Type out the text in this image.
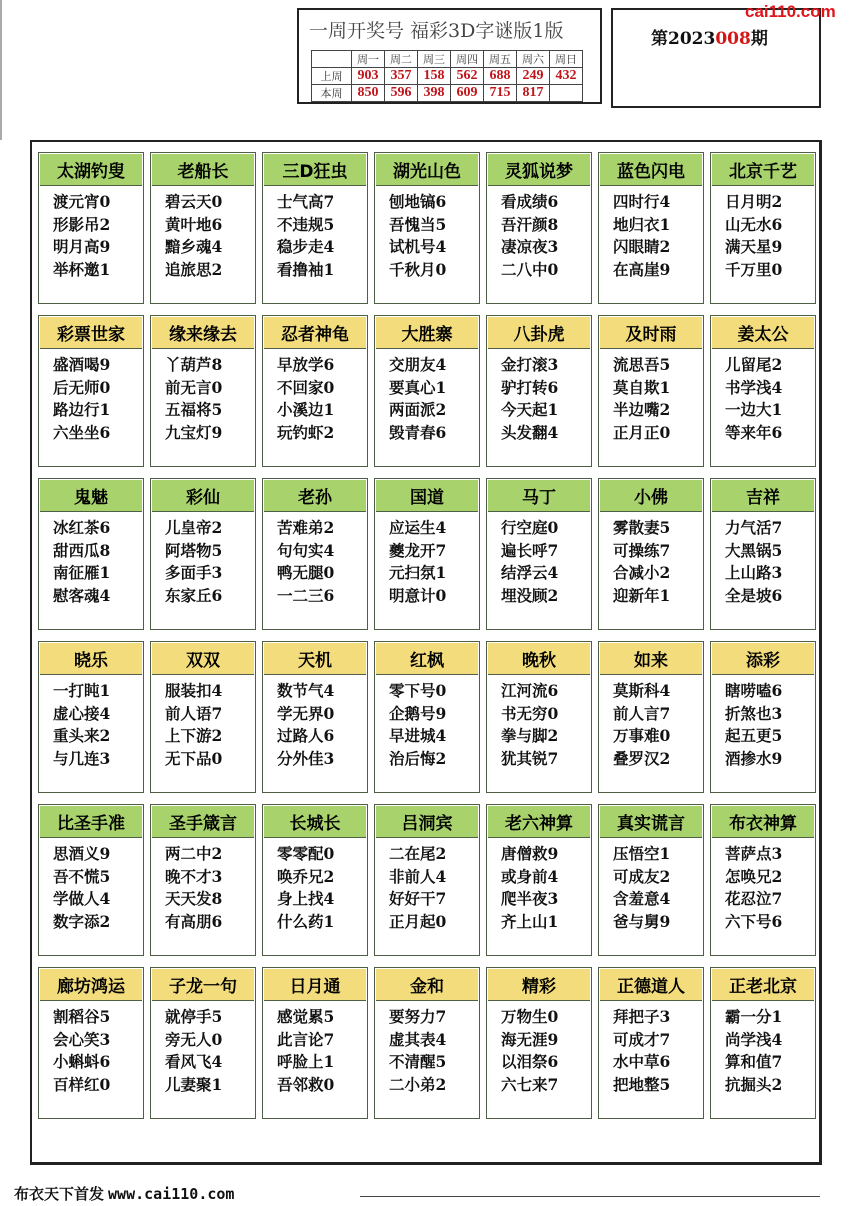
一周开奖号 福彩3D字谜版1版
	周一	周二	周三	周四	周五	周六	周日
上周	903	357	158	562	688	249	432
本周	850	596	398	609	715	817	
第2023008期
cai110.com
太湖钓叟
渡元宵0
形影吊2
明月高9
举杯邀1
老船长
碧云天0
黄叶地6
黯乡魂4
追旅思2
三D狂虫
士气高7
不违规5
稳步走4
看撸袖1
湖光山色
刨地镐6
吾愧当5
试机号4
千秋月0
灵狐说梦
看成绩6
吾汗颜8
凄凉夜3
二八中0
蓝色闪电
四时行4
地归衣1
闪眼睛2
在高崖9
北京千艺
日月明2
山无水6
满天星9
千万里0
彩票世家
盛酒喝9
后无师0
路边行1
六坐坐6
缘来缘去
丫葫芦8
前无言0
五福将5
九宝灯9
忍者神龟
早放学6
不回家0
小溪边1
玩钓虾2
大胜寨
交朋友4
要真心1
两面派2
毁青春6
八卦虎
金打滚3
驴打转6
今天起1
头发翻4
及时雨
流思吾5
莫自欺1
半边嘴2
正月正0
姜太公
儿留尾2
书学浅4
一边大1
等来年6
鬼魅
冰红茶6
甜西瓜8
南征雁1
慰客魂4
彩仙
儿皇帝2
阿塔物5
多面手3
东家丘6
老孙
苦难弟2
句句实4
鸭无腿0
一二三6
国道
应运生4
夔龙开7
元扫氛1
明意计0
马丁
行空庭0
遍长呼7
结浮云4
埋没顾2
小佛
雾散妻5
可操练7
合减小2
迎新年1
吉祥
力气活7
大黑锅5
上山路3
全是坡6
晓乐
一打盹1
虚心接4
重头来2
与几连3
双双
服装扣4
前人语7
上下游2
无下品0
天机
数节气4
学无界0
过路人6
分外佳3
红枫
零下号0
企鹅号9
早进城4
治后悔2
晚秋
江河流6
书无穷0
拳与脚2
犹其锐7
如来
莫斯科4
前人言7
万事难0
叠罗汉2
添彩
瞎唠嗑6
折煞也3
起五更5
酒掺水9
比圣手准
思酒义9
吾不慌5
学做人4
数字添2
圣手箴言
两二中2
晚不才3
天天发8
有高朋6
长城长
零零配0
唤乔兄2
身上找4
什么药1
吕洞宾
二在尾2
非前人4
好好干7
正月起0
老六神算
唐僧救9
或身前4
爬半夜3
齐上山1
真实谎言
压悟空1
可成友2
含羞意4
爸与舅9
布衣神算
菩萨点3
怎唤兄2
花忍泣7
六下号6
廊坊鸿运
割稻谷5
会心笑3
小蝌蚪6
百样红0
子龙一句
就停手5
旁无人0
看风飞4
儿妻聚1
日月通
感觉累5
此言论7
呼脸上1
吾邻救0
金和
要努力7
虚其表4
不清醒5
二小弟2
精彩
万物生0
海无涯9
以泪祭6
六七来7
正德道人
拜把子3
可成才7
水中草6
把地整5
正老北京
霸一分1
尚学浅4
算和值7
抗掘头2
布衣天下首发 www.cai110.com
